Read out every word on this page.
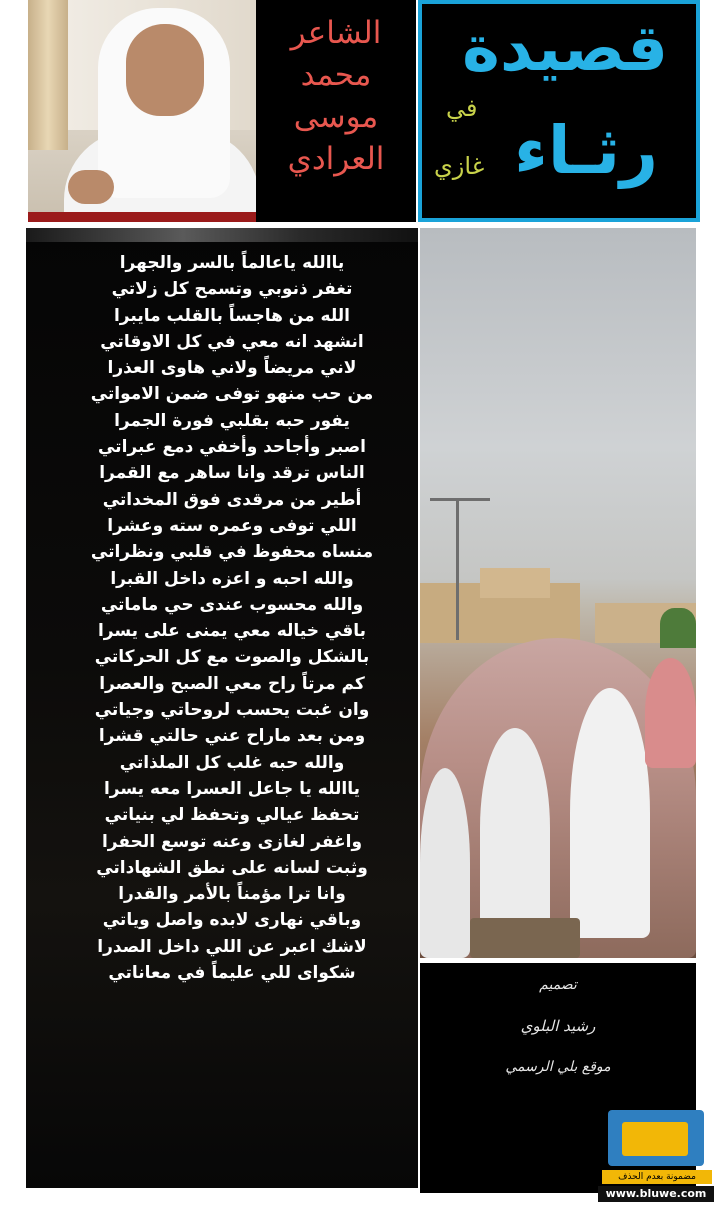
الشاعر
محمد
موسى
العرادي
قصيدة
رثـاء
في
غازي
ياالله ياعالماً بالسر والجهرا
تغفر ذنوبي وتسمح كل زلاتي
الله من هاجساً بالقلب مايبرا
انشهد انه معي في كل الاوقاتي
لاني مريضاً ولاني هاوى العذرا
من حب منهو توفى ضمن الامواتي
يفور حبه بقلبي فورة الجمرا
اصبر وأجاحد وأخفي دمع عبراتي
الناس ترقد وانا ساهر مع القمرا
أطير من مرقدى فوق المخداتي
اللي توفى وعمره سته وعشرا
منساه محفوظ في قلبي ونظراتي
والله احبه و اعزه داخل القبرا
والله محسوب عندى حي ماماتي
باقي خياله معي يمنى على يسرا
بالشكل والصوت مع كل الحركاتي
كم مرتاً راح معي الصبح والعصرا
وان غبت يحسب لروحاتي وجياتي
ومن بعد ماراح عني حالتي قشرا
والله حبه غلب كل الملذاتي
ياالله يا جاعل العسرا معه يسرا
تحفظ عيالي وتحفظ لي بنياتي
واغفر لغازى وعنه توسع الحفرا
وثبت لسانه على نطق الشهاداتي
وانا ترا مؤمناً بالأمر والقدرا
وباقي نهارى لابده واصل وياتي
لاشك اعبر عن اللي داخل الصدرا
شكواى للي عليماً في معاناتي
تصميم
رشيد البلوي
موقع بلي الرسمي
مضمونة بعدم الحذف
www.bluwe.com
